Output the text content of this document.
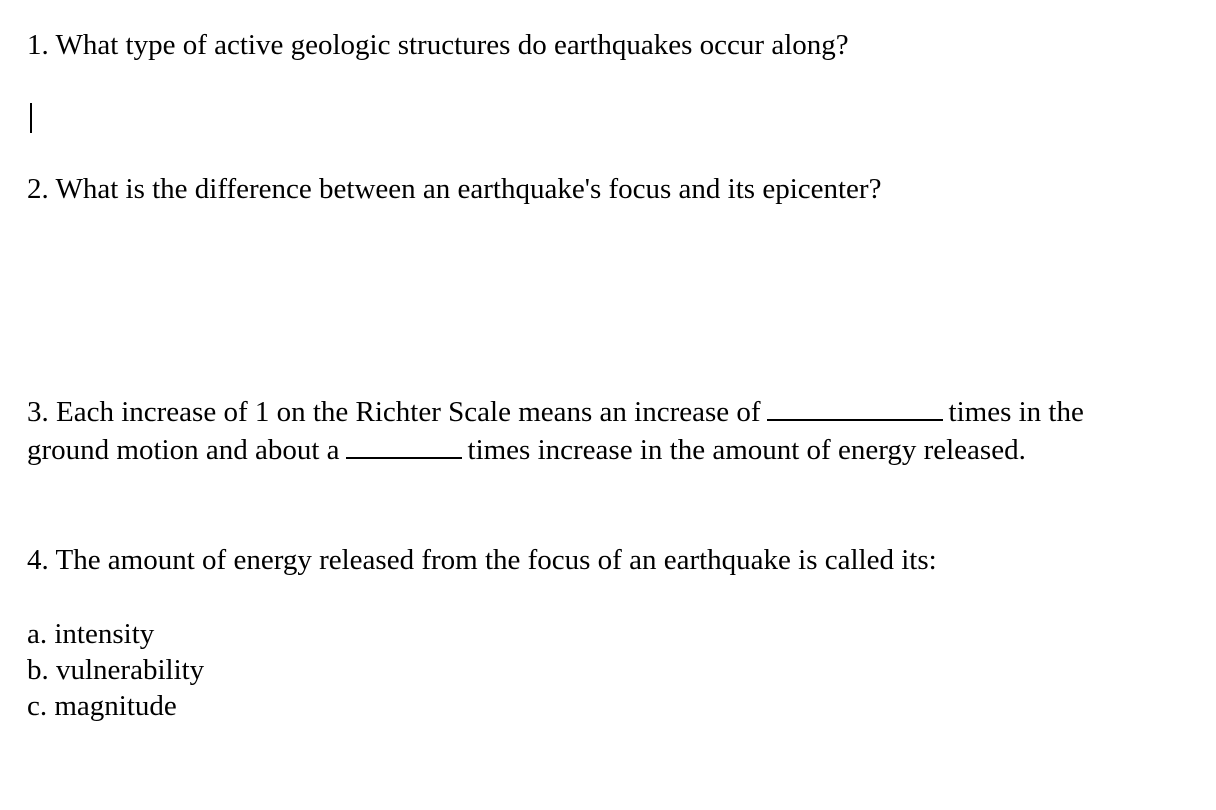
1. What type of active geologic structures do earthquakes occur along?

2. What is the difference between an earthquake's focus and its epicenter?

3. Each increase of 1 on the Richter Scale means an increase of	times in the

ground motion and about a	times increase in the amount of energy released.

4. The amount of energy released from the focus of an earthquake is called its:

a. intensity
b. vulnerability
c. magnitude
